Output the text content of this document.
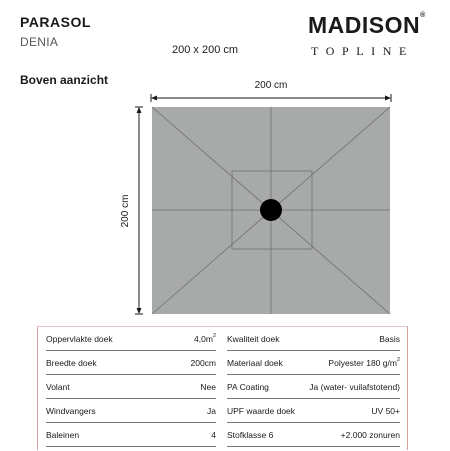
PARASOL
DENIA
200 x 200 cm
MADISON®
TOPLINE
Boven aanzicht	200 cm
200 cm
Oppervlakte doek	$4,0m^2$
Breedte doek	200cm
Volant	Nee
Windvangers	Ja
Baleinen	4
Kwaliteit doek	Basis
Materiaal doek	Polyester 180 $g/m^2$
PA Coating	Ja (water- vuilafstotend)
UPF waarde doek	UV 50+
Stofklasse 6	+2.000 zonuren
